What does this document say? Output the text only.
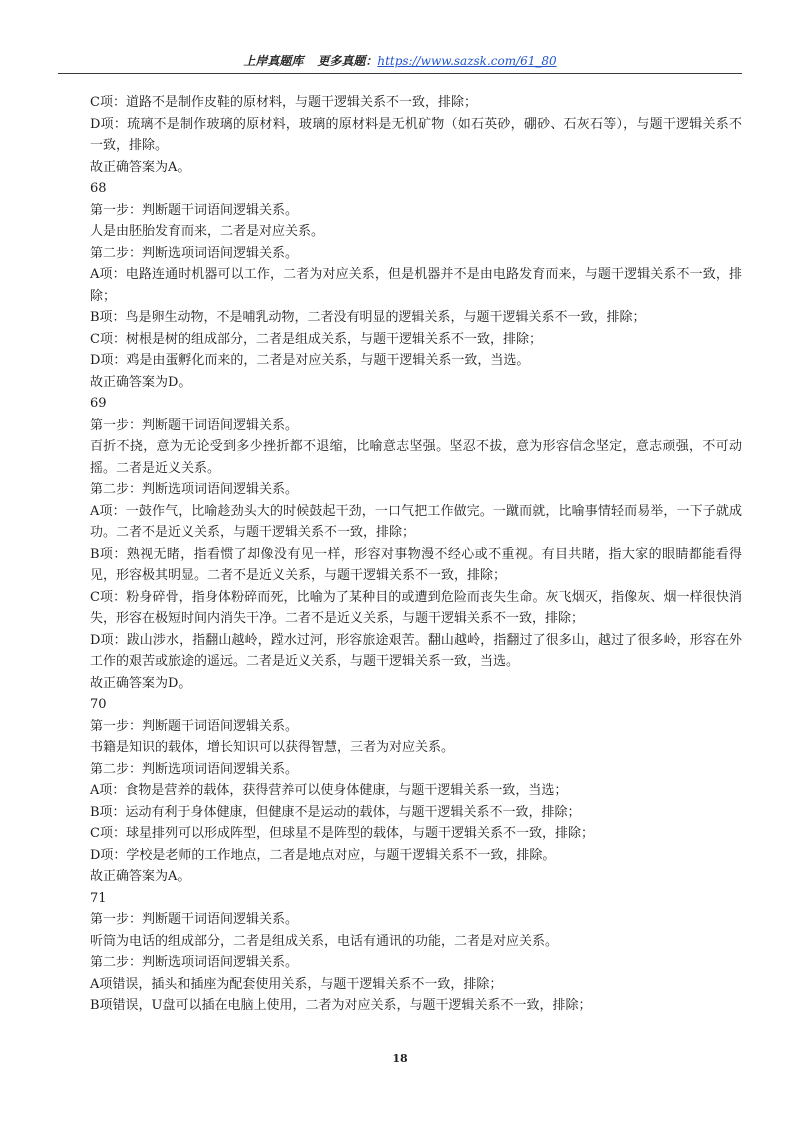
上岸真题库 更多真题：https://www.sazsk.com/61_80

C项：道路不是制作皮鞋的原材料，与题干逻辑关系不一致，排除；

D项：琉璃不是制作玻璃的原材料，玻璃的原材料是无机矿物（如石英砂，硼砂、石灰石等），与题干逻辑关系不一致，排除。

故正确答案为A。

68

第一步：判断题干词语间逻辑关系。

人是由胚胎发育而来，二者是对应关系。

第二步：判断选项词语间逻辑关系。

A项：电路连通时机器可以工作，二者为对应关系，但是机器并不是由电路发育而来，与题干逻辑关系不一致，排除；

B项：鸟是卵生动物，不是哺乳动物，二者没有明显的逻辑关系，与题干逻辑关系不一致，排除；

C项：树根是树的组成部分，二者是组成关系，与题干逻辑关系不一致，排除；

D项：鸡是由蛋孵化而来的，二者是对应关系，与题干逻辑关系一致，当选。

故正确答案为D。

69

第一步：判断题干词语间逻辑关系。

百折不挠，意为无论受到多少挫折都不退缩，比喻意志坚强。坚忍不拔，意为形容信念坚定，意志顽强，不可动摇。二者是近义关系。

第二步：判断选项词语间逻辑关系。

A项：一鼓作气，比喻趁劲头大的时候鼓起干劲，一口气把工作做完。一蹴而就，比喻事情轻而易举，一下子就成功。二者不是近义关系，与题干逻辑关系不一致，排除；

B项：熟视无睹，指看惯了却像没有见一样，形容对事物漫不经心或不重视。有目共睹，指大家的眼睛都能看得见，形容极其明显。二者不是近义关系，与题干逻辑关系不一致，排除；

C项：粉身碎骨，指身体粉碎而死，比喻为了某种目的或遭到危险而丧失生命。灰飞烟灭，指像灰、烟一样很快消失，形容在极短时间内消失干净。二者不是近义关系，与题干逻辑关系不一致，排除；

D项：跋山涉水，指翻山越岭，蹚水过河，形容旅途艰苦。翻山越岭，指翻过了很多山，越过了很多岭，形容在外工作的艰苦或旅途的遥远。二者是近义关系，与题干逻辑关系一致，当选。

故正确答案为D。

70

第一步：判断题干词语间逻辑关系。

书籍是知识的载体，增长知识可以获得智慧，三者为对应关系。

第二步：判断选项词语间逻辑关系。

A项：食物是营养的载体，获得营养可以使身体健康，与题干逻辑关系一致，当选；

B项：运动有利于身体健康，但健康不是运动的载体，与题干逻辑关系不一致，排除；

C项：球星排列可以形成阵型，但球星不是阵型的载体，与题干逻辑关系不一致，排除；

D项：学校是老师的工作地点，二者是地点对应，与题干逻辑关系不一致，排除。

故正确答案为A。

71

第一步：判断题干词语间逻辑关系。

听筒为电话的组成部分，二者是组成关系，电话有通讯的功能，二者是对应关系。

第二步：判断选项词语间逻辑关系。

A项错误，插头和插座为配套使用关系，与题干逻辑关系不一致，排除；

B项错误，U盘可以插在电脑上使用，二者为对应关系，与题干逻辑关系不一致，排除；

18
